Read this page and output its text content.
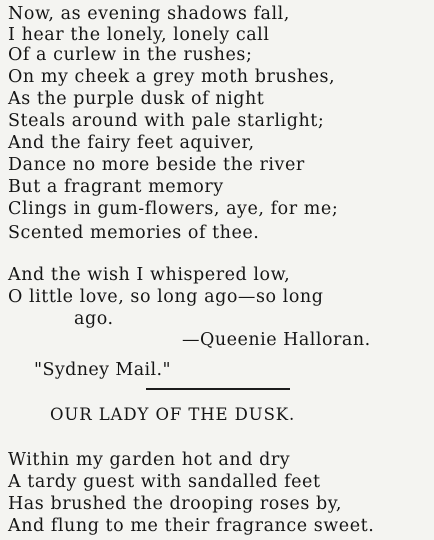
Now, as evening shadows fall,
I hear the lonely, lonely call
Of a curlew in the rushes;
On my cheek a grey moth brushes,
As the purple dusk of night
Steals around with pale starlight;
And the fairy feet aquiver,
Dance no more beside the river
But a fragrant memory
Clings in gum-flowers, aye, for me;
Scented memories of thee.
And the wish I whispered low,
O little love, so long ago—so long
ago.
—Queenie Halloran.
"Sydney Mail."
OUR LADY OF THE DUSK.
Within my garden hot and dry
A tardy guest with sandalled feet
Has brushed the drooping roses by,
And flung to me their fragrance sweet.
